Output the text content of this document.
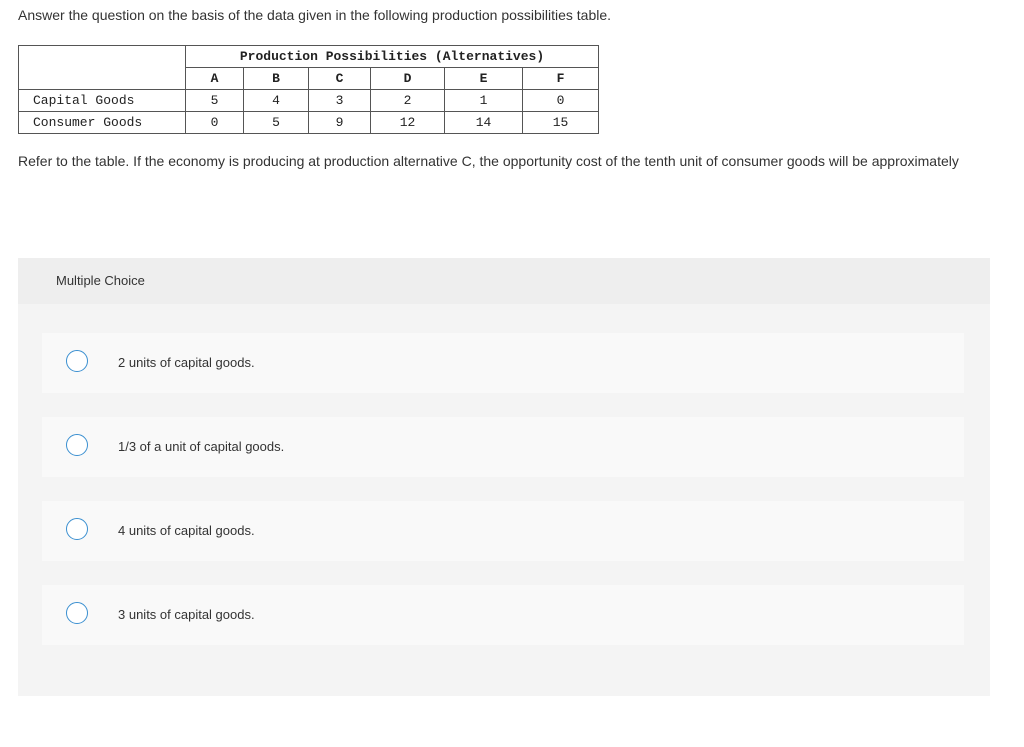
Answer the question on the basis of the data given in the following production possibilities table.
	Production Possibilities (Alternatives)					
	A	B	C	D	E	F
Capital Goods	5	4	3	2	1	0
Consumer Goods	0	5	9	12	14	15
Refer to the table. If the economy is producing at production alternative C, the opportunity cost of the tenth unit of consumer goods will be approximately
Multiple Choice
2 units of capital goods.
1/3 of a unit of capital goods.
4 units of capital goods.
3 units of capital goods.
